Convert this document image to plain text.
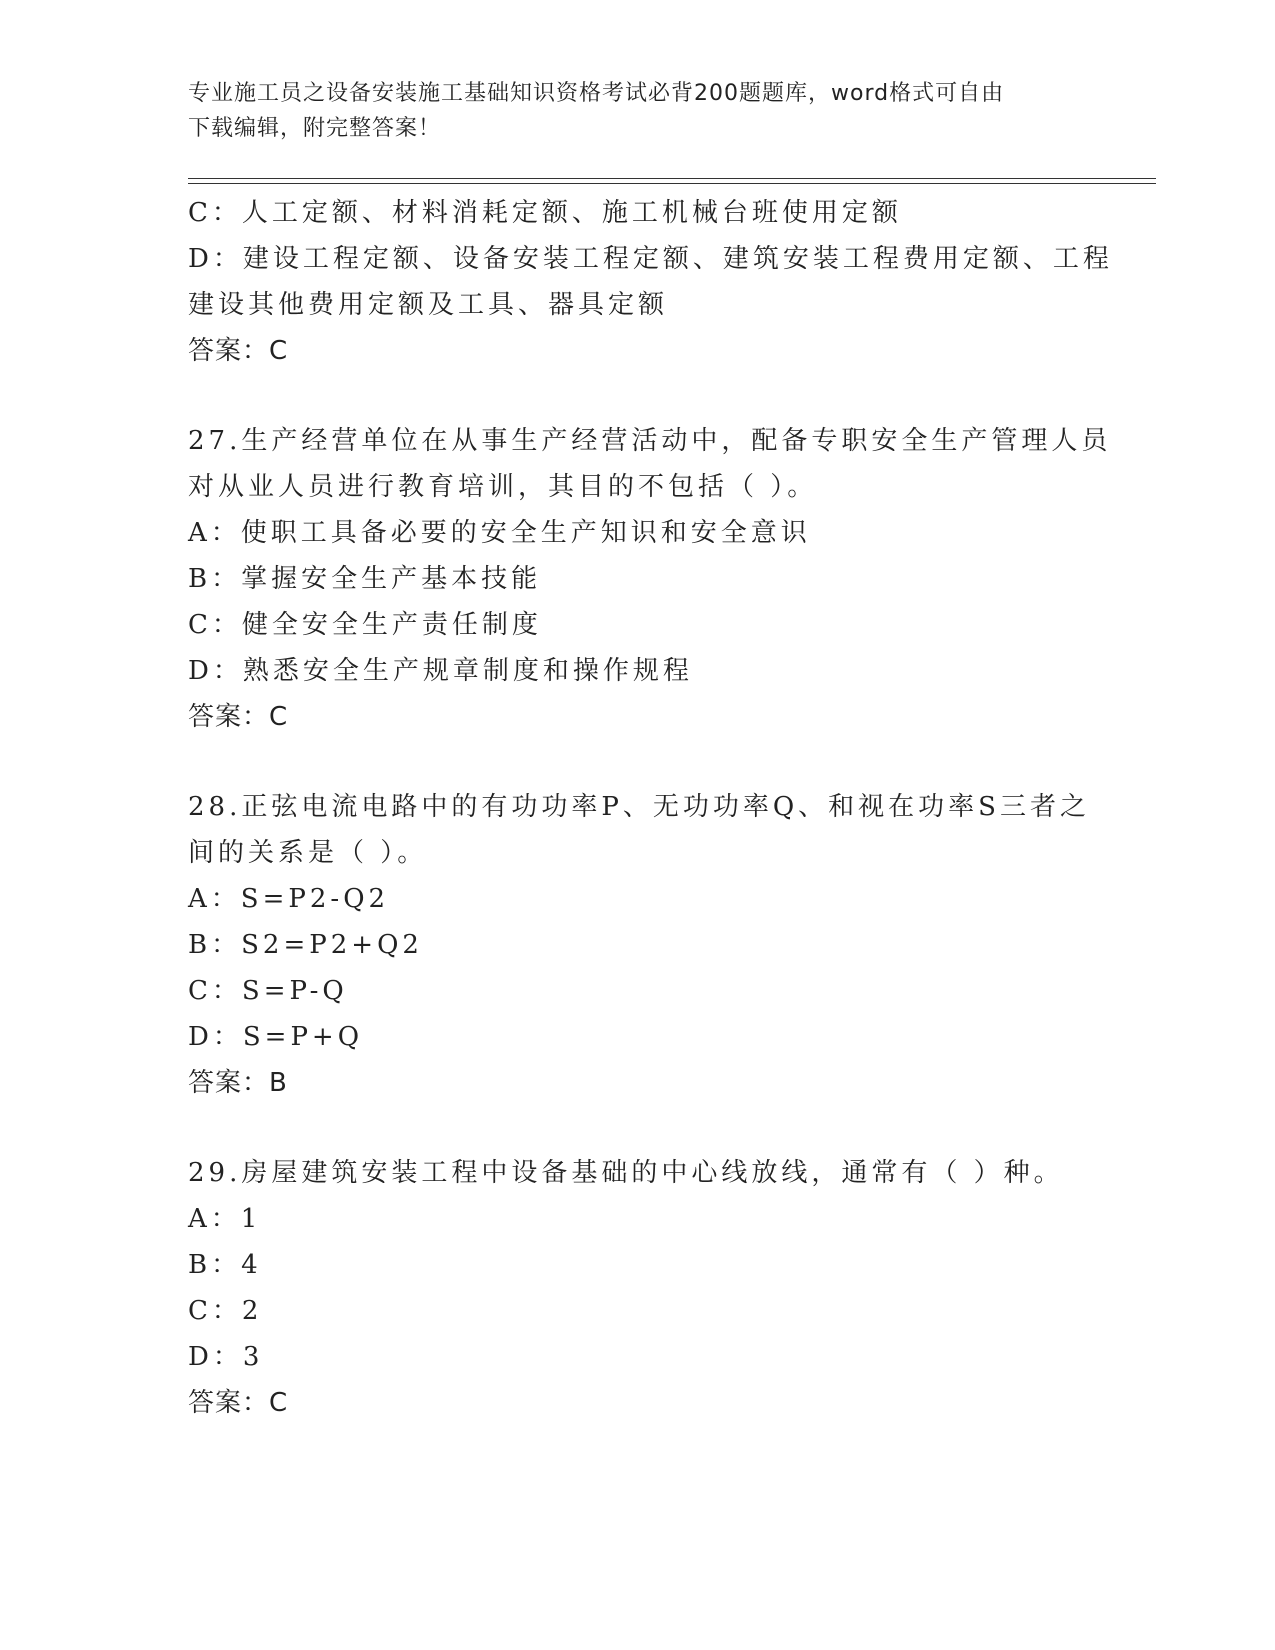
专业施工员之设备安装施工基础知识资格考试必背200题题库，word格式可自由
下载编辑，附完整答案！
C：人工定额、材料消耗定额、施工机械台班使用定额
D：建设工程定额、设备安装工程定额、建筑安装工程费用定额、工程
建设其他费用定额及工具、器具定额
答案：C
27.生产经营单位在从事生产经营活动中，配备专职安全生产管理人员
对从业人员进行教育培训，其目的不包括（ ）。
A：使职工具备必要的安全生产知识和安全意识
B：掌握安全生产基本技能
C：健全安全生产责任制度
D：熟悉安全生产规章制度和操作规程
答案：C
28.正弦电流电路中的有功功率P、无功功率Q、和视在功率S三者之
间的关系是（ ）。
A：S=P2-Q2
B：S2=P2+Q2
C：S=P-Q
D：S=P+Q
答案：B
29.房屋建筑安装工程中设备基础的中心线放线，通常有（ ）种。
A：1
B：4
C：2
D：3
答案：C
